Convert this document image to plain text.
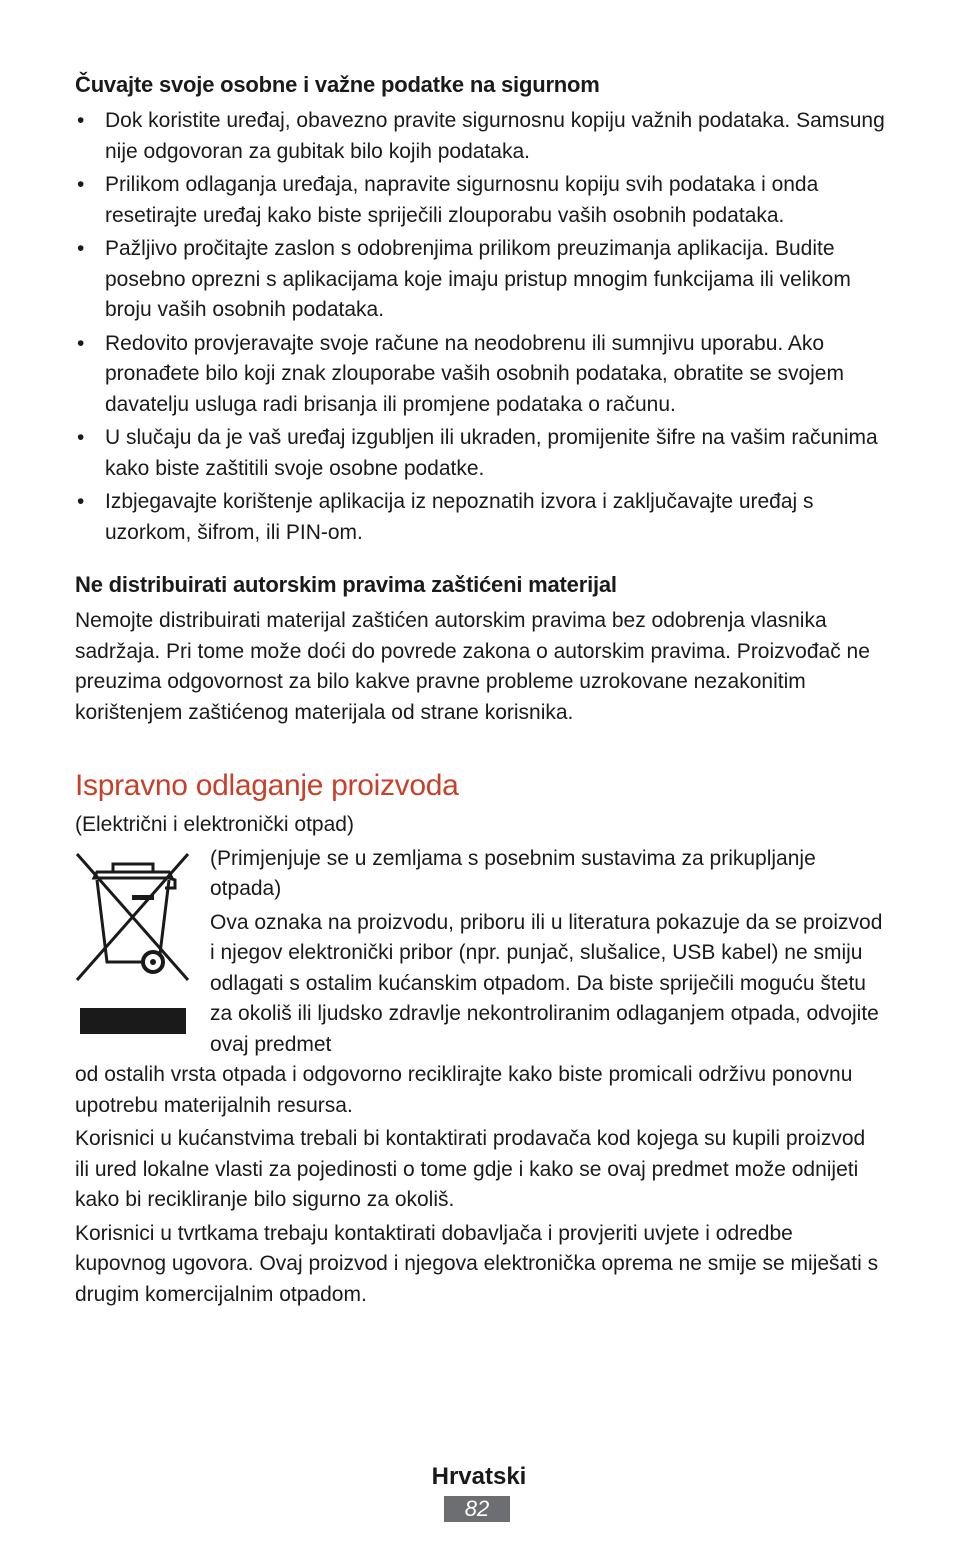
Čuvajte svoje osobne i važne podatke na sigurnom
• Dok koristite uređaj, obavezno pravite sigurnosnu kopiju važnih podataka. Samsung nije odgovoran za gubitak bilo kojih podataka.
• Prilikom odlaganja uređaja, napravite sigurnosnu kopiju svih podataka i onda resetirajte uređaj kako biste spriječili zlouporabu vaših osobnih podataka.
• Pažljivo pročitajte zaslon s odobrenjima prilikom preuzimanja aplikacija. Budite posebno oprezni s aplikacijama koje imaju pristup mnogim funkcijama ili velikom broju vaših osobnih podataka.
• Redovito provjeravajte svoje račune na neodobrenu ili sumnjivu uporabu. Ako pronađete bilo koji znak zlouporabe vaših osobnih podataka, obratite se svojem davatelju usluga radi brisanja ili promjene podataka o računu.
• U slučaju da je vaš uređaj izgubljen ili ukraden, promijenite šifre na vašim računima kako biste zaštitili svoje osobne podatke.
• Izbjegavajte korištenje aplikacija iz nepoznatih izvora i zaključavajte uređaj s uzorkom, šifrom, ili PIN-om.
Ne distribuirati autorskim pravima zaštićeni materijal

Nemojte distribuirati materijal zaštićen autorskim pravima bez odobrenja vlasnika sadržaja. Pri tome može doći do povrede zakona o autorskim pravima. Proizvođač ne preuzima odgovornost za bilo kakve pravne probleme uzrokovane nezakonitim korištenjem zaštićenog materijala od strane korisnika.

Ispravno odlaganje proizvoda

(Električni i elektronički otpad)

(Primjenjuje se u zemljama s posebnim sustavima za prikupljanje otpada)

Ova oznaka na proizvodu, priboru ili u literatura pokazuje da se proizvod i njegov elektronički pribor (npr. punjač, slušalice, USB kabel) ne smiju odlagati s ostalim kućanskim otpadom. Da biste spriječili moguću štetu za okoliš ili ljudsko zdravlje nekontroliranim odlaganjem otpada, odvojite ovaj predmet

od ostalih vrsta otpada i odgovorno reciklirajte kako biste promicali održivu ponovnu upotrebu materijalnih resursa.

Korisnici u kućanstvima trebali bi kontaktirati prodavača kod kojega su kupili proizvod ili ured lokalne vlasti za pojedinosti o tome gdje i kako se ovaj predmet može odnijeti kako bi recikliranje bilo sigurno za okoliš.

Korisnici u tvrtkama trebaju kontaktirati dobavljača i provjeriti uvjete i odredbe kupovnog ugovora. Ovaj proizvod i njegova elektronička oprema ne smije se miješati s drugim komercijalnim otpadom.

Hrvatski
82
